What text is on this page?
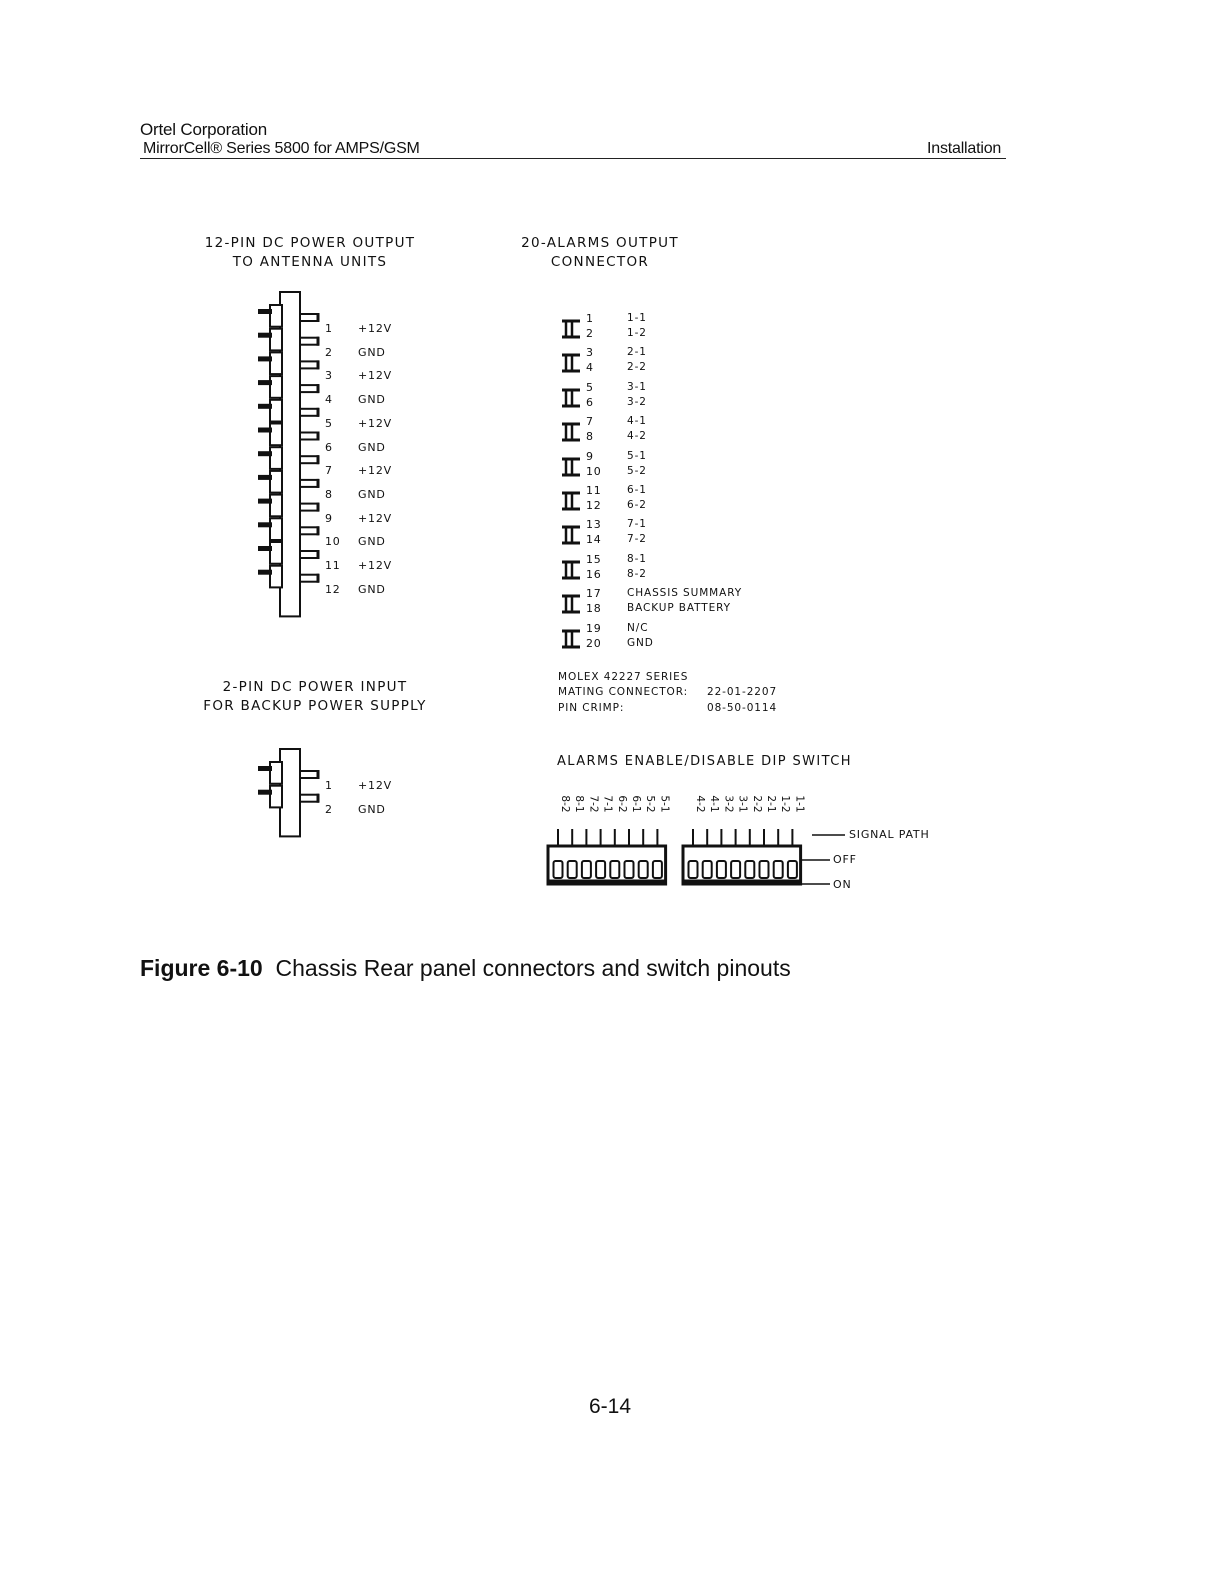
Ortel Corporation
MirrorCell® Series 5800 for AMPS/GSM	Installation
12-PIN DC POWER OUTPUT
TO ANTENNA UNITS
1 +12V
2 GND
3 +12V
4 GND
5 +12V
6 GND
7 +12V
8 GND
9 +12V
10 GND
11 +12V
12 GND
20-ALARMS OUTPUT
CONNECTOR
1
2
1-1
1-2
3
4
2-1
2-2
5
6
3-1
3-2
7
8
4-1
4-2
9
10
5-1
5-2
11
12
6-1
6-2
13
14
7-1
7-2
15
16
8-1
8-2
17
18
CHASSIS SUMMARY
BACKUP BATTERY
19
20
N/C
GND
MOLEX 42227 SERIES
MATING CONNECTOR: 22-01-2207
PIN CRIMP:	08-50-0114
2-PIN DC POWER INPUT
FOR BACKUP POWER SUPPLY
1 +12V
2 GND
ALARMS ENABLE/DISABLE DIP SWITCH
8-2 8-1 7-2 7-1 6-2 6-1 5-2 5-1 4-2 4-1 3-2 3-1 2-2 2-1 1-2 1-1
SIGNAL PATH
OFF
ON
Figure 6-10 Chassis Rear panel connectors and switch pinouts
6-14
